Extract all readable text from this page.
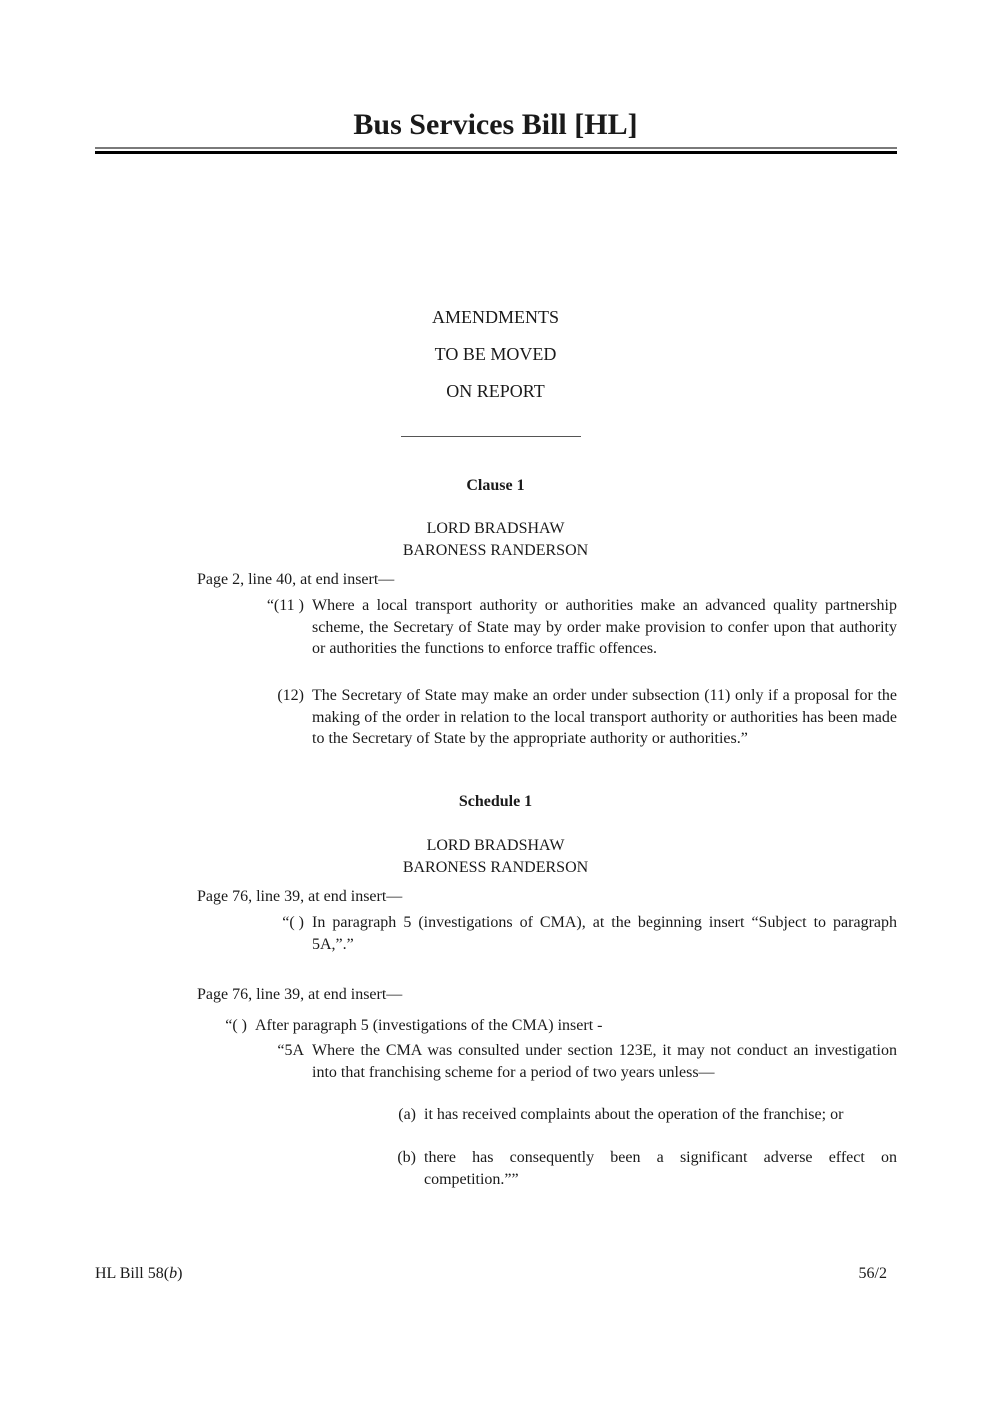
Bus Services Bill [HL]
AMENDMENTS
TO BE MOVED
ON REPORT
Clause 1
LORD BRADSHAW
BARONESS RANDERSON
Page 2, line 40, at end insert—
“(11 ) Where a local transport authority or authorities make an advanced quality partnership scheme, the Secretary of State may by order make provision to confer upon that authority or authorities the functions to enforce traffic offences.
(12) The Secretary of State may make an order under subsection (11) only if a proposal for the making of the order in relation to the local transport authority or authorities has been made to the Secretary of State by the appropriate authority or authorities.”
Schedule 1
LORD BRADSHAW
BARONESS RANDERSON
Page 76, line 39, at end insert—
“( ) In paragraph 5 (investigations of CMA), at the beginning insert “Subject to paragraph 5A,”.”
Page 76, line 39, at end insert—
“( ) After paragraph 5 (investigations of the CMA) insert -
“5A Where the CMA was consulted under section 123E, it may not conduct an investigation into that franchising scheme for a period of two years unless—
(a) it has received complaints about the operation of the franchise; or
(b) there has consequently been a significant adverse effect on competition.””
HL Bill 58(b)	56/2
